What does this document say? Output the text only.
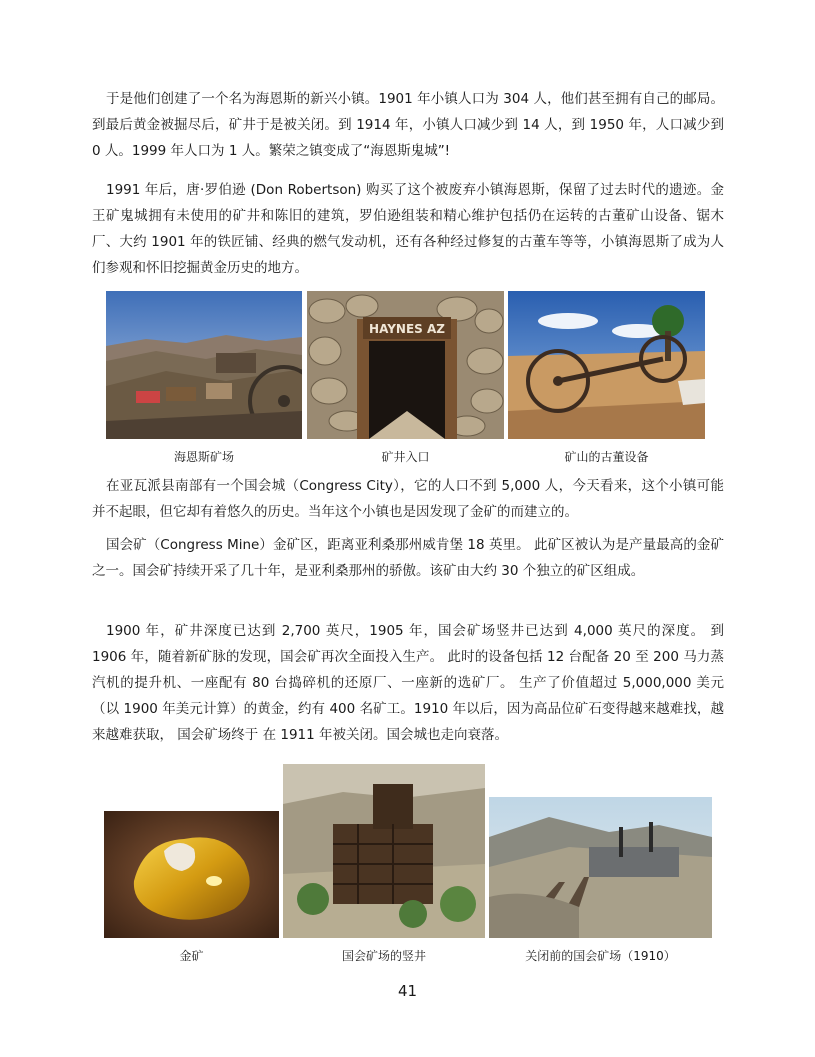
于是他们创建了一个名为海恩斯的新兴小镇。1901 年小镇人口为 304 人，他们甚至拥有自己的邮局。到最后黄金被掘尽后，矿井于是被关闭。到 1914 年，小镇人口减少到 14 人，到 1950 年，人口减少到 0 人。1999 年人口为 1 人。繁荣之镇变成了“海恩斯鬼城”!

1991 年后，唐·罗伯逊 (Don Robertson) 购买了这个被废弃小镇海恩斯，保留了过去时代的遗迹。金王矿鬼城拥有未使用的矿井和陈旧的建筑，罗伯逊组装和精心维护包括仍在运转的古董矿山设备、锯木厂、大约 1901 年的铁匠铺、经典的燃气发动机，还有各种经过修复的古董车等等，小镇海恩斯了成为人们参观和怀旧挖掘黄金历史的地方。

HAYNES AZ
海恩斯矿场	矿井入口	矿山的古董设备

在亚瓦派县南部有一个国会城（Congress City），它的人口不到 5,000 人，今天看来，这个小镇可能并不起眼，但它却有着悠久的历史。当年这个小镇也是因发现了金矿的而建立的。

国会矿（Congress Mine）金矿区，距离亚利桑那州威肯堡 18 英里。 此矿区被认为是产量最高的金矿之一。国会矿持续开采了几十年，是亚利桑那州的骄傲。该矿由大约 30 个独立的矿区组成。

1900 年，矿井深度已达到 2,700 英尺，1905 年，国会矿场竖井已达到 4,000 英尺的深度。 到 1906 年，随着新矿脉的发现，国会矿再次全面投入生产。 此时的设备包括 12 台配备 20 至 200 马力蒸汽机的提升机、一座配有 80 台捣碎机的还原厂、一座新的选矿厂。 生产了价值超过 5,000,000 美元（以 1900 年美元计算）的黄金，约有 400 名矿工。1910 年以后，因为高品位矿石变得越来越难找，越来越难获取， 国会矿场终于 在 1911 年被关闭。国会城也走向衰落。

金矿	国会矿场的竖井	关闭前的国会矿场（1910）
41
